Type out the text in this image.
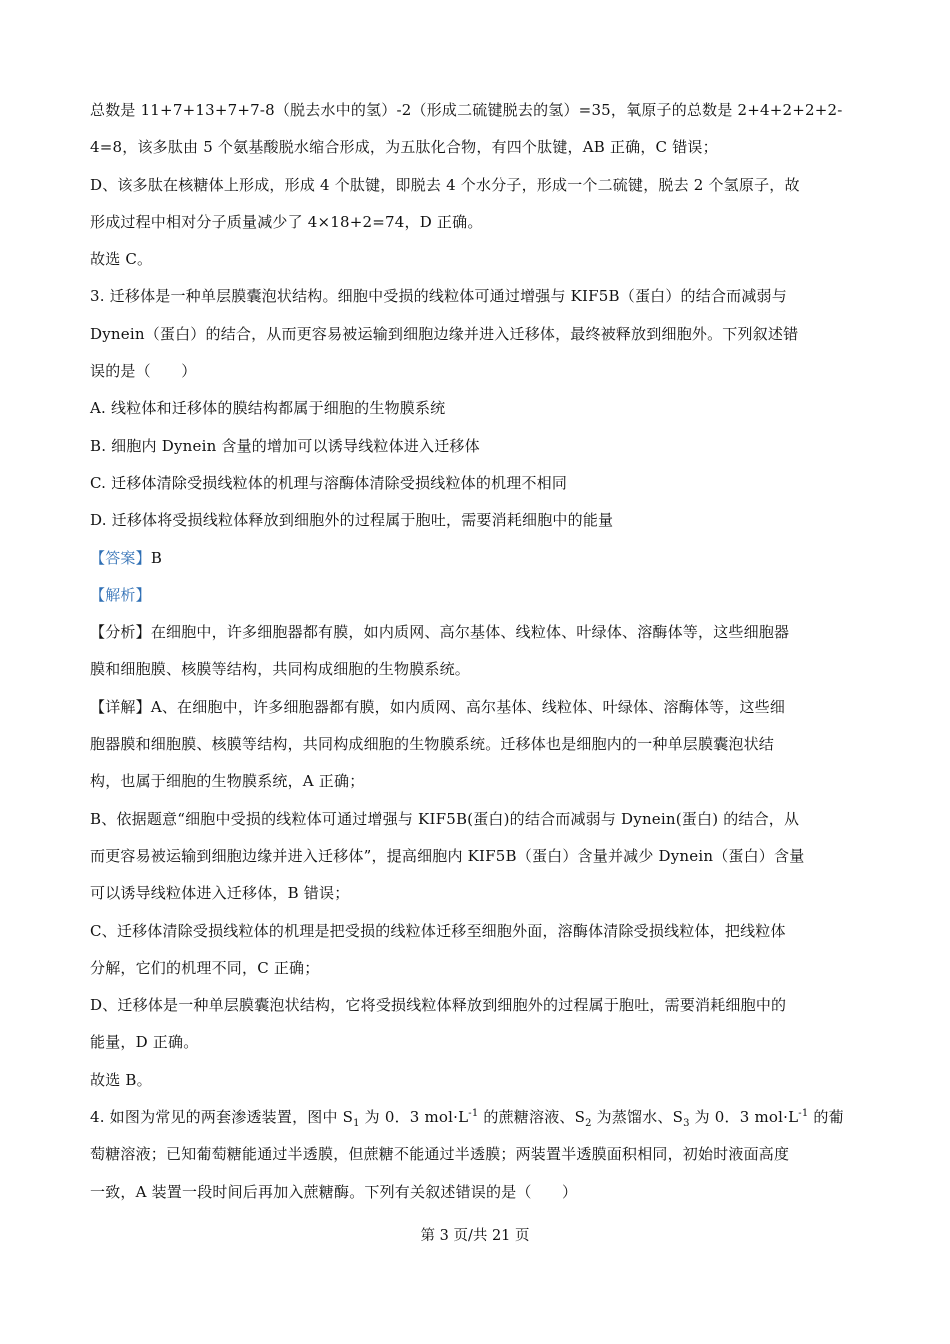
总数是 11+7+13+7+7-8（脱去水中的氢）-2（形成二硫键脱去的氢）=35，氧原子的总数是 2+4+2+2+2-
4=8，该多肽由 5 个氨基酸脱水缩合形成，为五肽化合物，有四个肽键，AB 正确，C 错误；
D、该多肽在核糖体上形成，形成 4 个肽键，即脱去 4 个水分子，形成一个二硫键，脱去 2 个氢原子，故
形成过程中相对分子质量减少了 4×18+2=74，D 正确。
故选 C。
3. 迁移体是一种单层膜囊泡状结构。细胞中受损的线粒体可通过增强与 KIF5B（蛋白）的结合而减弱与
Dynein（蛋白）的结合，从而更容易被运输到细胞边缘并进入迁移体，最终被释放到细胞外。下列叙述错
误的是（　　）
A. 线粒体和迁移体的膜结构都属于细胞的生物膜系统
B. 细胞内 Dynein 含量的增加可以诱导线粒体进入迁移体
C. 迁移体清除受损线粒体的机理与溶酶体清除受损线粒体的机理不相同
D. 迁移体将受损线粒体释放到细胞外的过程属于胞吐，需要消耗细胞中的能量
【答案】B
【解析】
【分析】在细胞中，许多细胞器都有膜，如内质网、高尔基体、线粒体、叶绿体、溶酶体等，这些细胞器
膜和细胞膜、核膜等结构，共同构成细胞的生物膜系统。
【详解】A、在细胞中，许多细胞器都有膜，如内质网、高尔基体、线粒体、叶绿体、溶酶体等，这些细
胞器膜和细胞膜、核膜等结构，共同构成细胞的生物膜系统。迁移体也是细胞内的一种单层膜囊泡状结
构，也属于细胞的生物膜系统，A 正确；
B、依据题意“细胞中受损的线粒体可通过增强与 KIF5B(蛋白)的结合而减弱与 Dynein(蛋白) 的结合，从
而更容易被运输到细胞边缘并进入迁移体”，提高细胞内 KIF5B（蛋白）含量并减少 Dynein（蛋白）含量
可以诱导线粒体进入迁移体，B 错误；
C、迁移体清除受损线粒体的机理是把受损的线粒体迁移至细胞外面，溶酶体清除受损线粒体，把线粒体
分解，它们的机理不同，C 正确；
D、迁移体是一种单层膜囊泡状结构，它将受损线粒体释放到细胞外的过程属于胞吐，需要消耗细胞中的
能量，D 正确。
故选 B。
4. 如图为常见的两套渗透装置，图中 $S_1$ 为 0．3 $mol\cdot L^{-1}$ 的蔗糖溶液、$S_2$ 为蒸馏水、$S_3$ 为 0．3 $mol\cdot L^{-1}$ 的葡
萄糖溶液；已知葡萄糖能通过半透膜，但蔗糖不能通过半透膜；两装置半透膜面积相同，初始时液面高度
一致，A 装置一段时间后再加入蔗糖酶。下列有关叙述错误的是（　　）
第 3 页/共 21 页
